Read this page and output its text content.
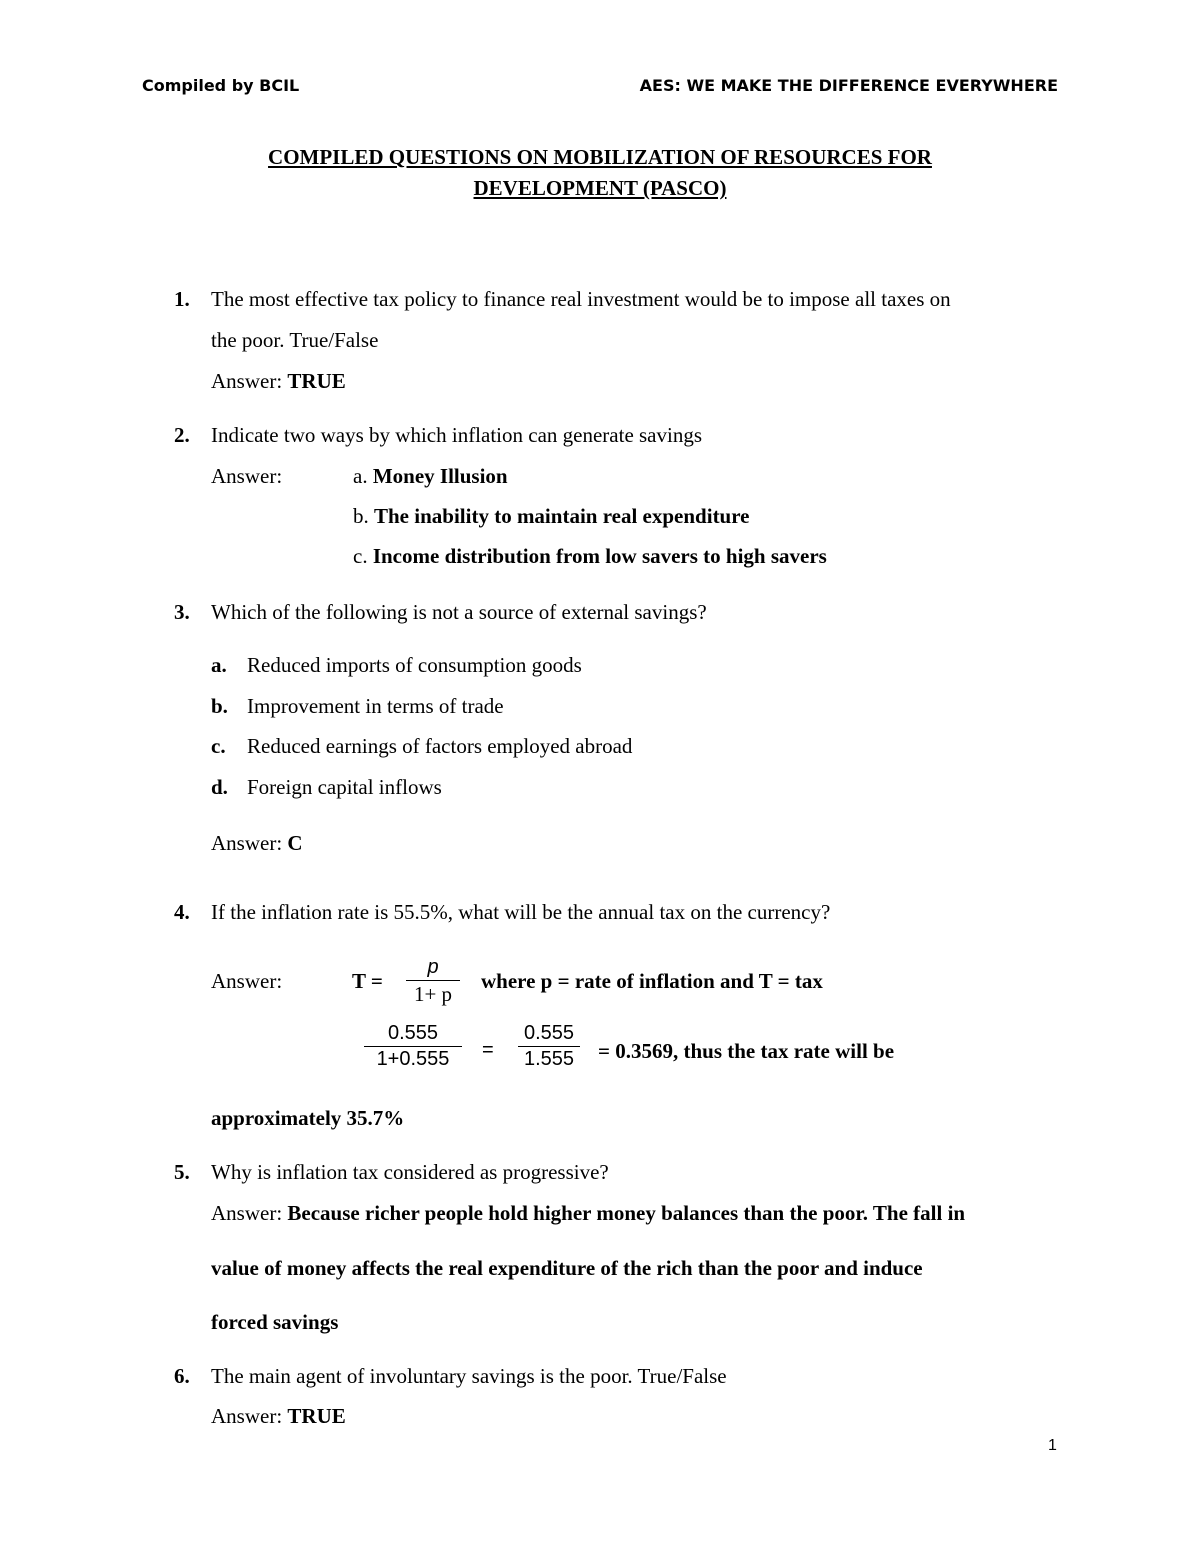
Compiled by BCIL	AES: WE MAKE THE DIFFERENCE EVERYWHERE
COMPILED QUESTIONS ON MOBILIZATION OF RESOURCES FOR
DEVELOPMENT (PASCO)
1. The most effective tax policy to finance real investment would be to impose all taxes on
the poor. True/False
Answer: TRUE
2. Indicate two ways by which inflation can generate savings
Answer:	a. Money Illusion
b. The inability to maintain real expenditure
c. Income distribution from low savers to high savers
3. Which of the following is not a source of external savings?
a. Reduced imports of consumption goods
b. Improvement in terms of trade
c. Reduced earnings of factors employed abroad
d. Foreign capital inflows
Answer: C
4. If the inflation rate is 55.5%, what will be the annual tax on the currency?
Answer:	$T = \frac{p}{1+ p}$ where p = rate of inflation and T = tax
$\frac{0.555}{1+0.555} = \frac{0.555}{1.555} = 0.3569$, thus the tax rate will be
approximately 35.7%
5. Why is inflation tax considered as progressive?
Answer: Because richer people hold higher money balances than the poor. The fall in
value of money affects the real expenditure of the rich than the poor and induce
forced savings
6. The main agent of involuntary savings is the poor. True/False
Answer: TRUE
1
